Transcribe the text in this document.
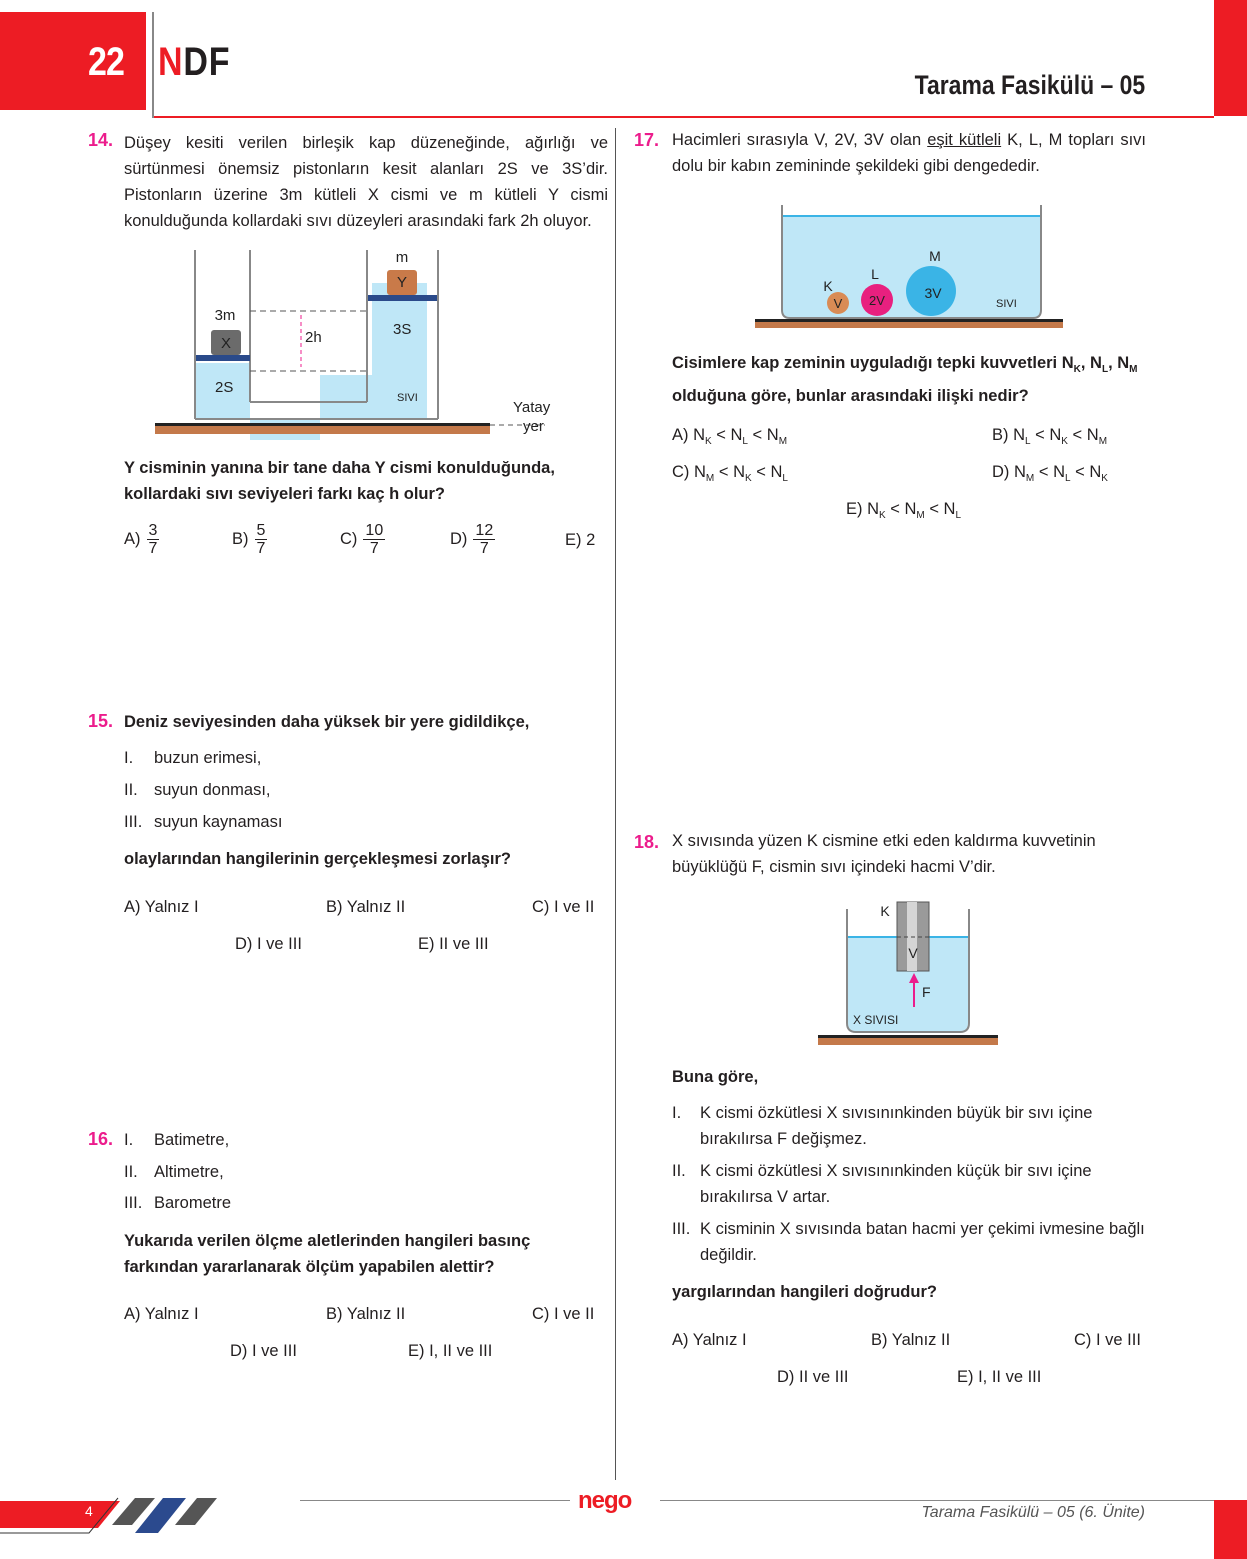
22 NDF
Tarama Fasikülü – 05
14. Düşey kesiti verilen birleşik kap düzeneğinde, ağırlığı ve sürtünmesi önemsiz pistonların kesit alanları 2S ve 3S’dir. Pistonların üzerine 3m kütleli X cismi ve m kütleli Y cismi konulduğunda kollardaki sıvı düzeyleri arasındaki fark 2h oluyor.
X
3m
Y
m
2h
2S
3S
SIVI
Yatay
yer
Y cisminin yanına bir tane daha Y cismi konulduğunda, kollardaki sıvı seviyeleri farkı kaç h olur?
$A) \frac{3}{7}$	$B) \frac{5}{7}$	$C) \frac{10}{7}$	$D) \frac{12}{7}$	E) 2
15. Deniz seviyesinden daha yüksek bir yere gidildikçe,
I. buzun erimesi,
II. suyun donması,
III. suyun kaynaması
olaylarından hangilerinin gerçekleşmesi zorlaşır?
A) Yalnız I	B) Yalnız II	C) I ve II
D) I ve III	E) II ve III
16. I. Batimetre,
II. Altimetre,
III. Barometre
Yukarıda verilen ölçme aletlerinden hangileri basınç farkından yararlanarak ölçüm yapabilen alettir?
A) Yalnız I	B) Yalnız II	C) I ve II
D) I ve III	E) I, II ve III
17. Hacimleri sırasıyla V, 2V, 3V olan eşit kütleli K, L, M topları sıvı dolu bir kabın zemininde şekildeki gibi dengededir.
V 2V	3V
K
L
M
SIVI
Cisimlere kap zeminin uyguladığı tepki kuvvetleri $N_K$, $N_L$, $N_M$ olduğuna göre, bunlar arasındaki ilişki nedir?
A) $N_K < N_L < N_M$	B) $N_L < N_K < N_M$
C) $N_M < N_K < N_L$	D) $N_M < N_L < N_K$
E) $N_K < N_M < N_L$
18. X sıvısında yüzen K cismine etki eden kaldırma kuvvetinin büyüklüğü F, cismin sıvı içindeki hacmi V’dir.
K
V
F
X SIVISI
Buna göre,
I. K cismi özkütlesi X sıvısınınkinden büyük bir sıvı içine bırakılırsa F değişmez.
II. K cismi özkütlesi X sıvısınınkinden küçük bir sıvı içine bırakılırsa V artar.
III. K cisminin X sıvısında batan hacmi yer çekimi ivmesine bağlı değildir.
yargılarından hangileri doğrudur?
A) Yalnız I	B) Yalnız II	C) I ve III
D) II ve III	E) I, II ve III
4	nego	Tarama Fasikülü – 05 (6. Ünite)
